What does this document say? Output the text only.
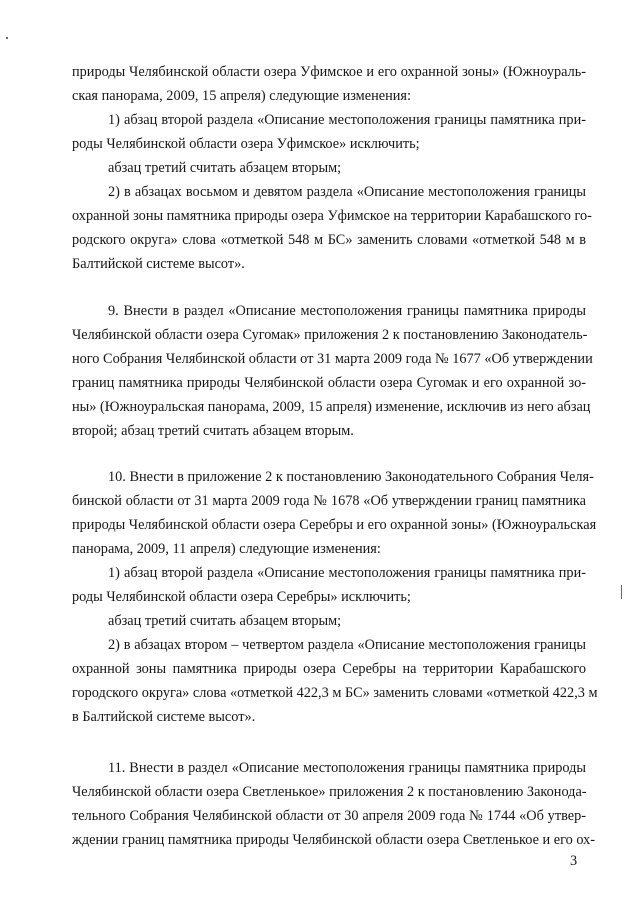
природы Челябинской области озера Уфимское и его охранной зоны» (Южноураль-

ская панорама, 2009, 15 апреля) следующие изменения:

1) абзац второй раздела «Описание местоположения границы памятника при-

роды Челябинской области озера Уфимское» исключить;

абзац третий считать абзацем вторым;

2) в абзацах восьмом и девятом раздела «Описание местоположения границы

охранной зоны памятника природы озера Уфимское на территории Карабашского го-

родского округа» слова «отметкой 548 м БС» заменить словами «отметкой 548 м в

Балтийской системе высот».

9. Внести в раздел «Описание местоположения границы памятника природы

Челябинской области озера Сугомак» приложения 2 к постановлению Законодатель-

ного Собрания Челябинской области от 31 марта 2009 года № 1677 «Об утверждении

границ памятника природы Челябинской области озера Сугомак и его охранной зо-

ны» (Южноуральская панорама, 2009, 15 апреля) изменение, исключив из него абзац

второй; абзац третий считать абзацем вторым.

10. Внести в приложение 2 к постановлению Законодательного Собрания Челя-

бинской области от 31 марта 2009 года № 1678 «Об утверждении границ памятника

природы Челябинской области озера Серебры и его охранной зоны» (Южноуральская

панорама, 2009, 11 апреля) следующие изменения:

1) абзац второй раздела «Описание местоположения границы памятника при-

роды Челябинской области озера Серебры» исключить;

абзац третий считать абзацем вторым;

2) в абзацах втором – четвертом раздела «Описание местоположения границы

охранной зоны памятника природы озера Серебры на территории Карабашского

городского округа» слова «отметкой 422,3 м БС» заменить словами «отметкой 422,3 м

в Балтийской системе высот».

11. Внести в раздел «Описание местоположения границы памятника природы

Челябинской области озера Светленькое» приложения 2 к постановлению Законода-

тельного Собрания Челябинской области от 30 апреля 2009 года № 1744 «Об утвер-

ждении границ памятника природы Челябинской области озера Светленькое и его ох-

3
